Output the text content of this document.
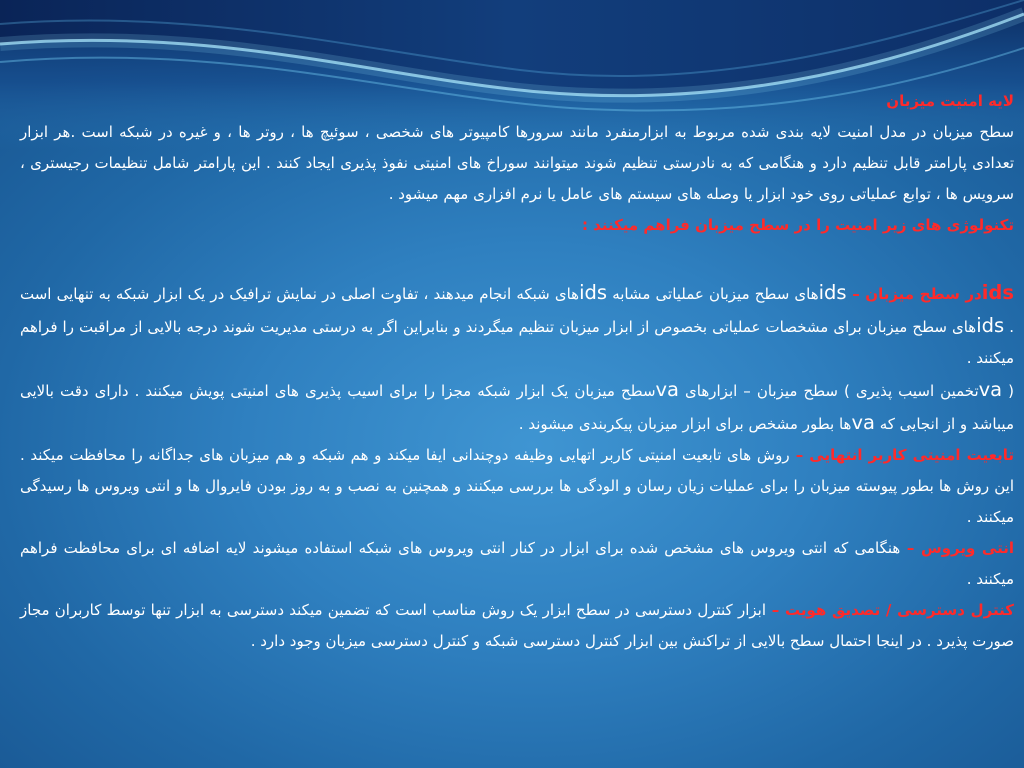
لایه امنیت میزبان

سطح میزبان در مدل امنیت لایه بندی شده مربوط به ابزارمنفرد مانند سرورها کامپیوتر های شخصی ، سوئیچ ها ، روتر ها ، و غیره در شبکه است .هر ابزار تعدادی پارامتر قابل تنظیم دارد و هنگامی که به نادرستی تنظیم شوند میتوانند سوراخ های امنیتی نفوذ پذیری ایجاد کنند . این پارامتر شامل تنظیمات رجیستری ، سرویس ها ، توابع عملیاتی روی خود ابزار یا وصله های سیستم های عامل یا نرم افزاری مهم میشود .

تکنولوژی های زیر امنیت را در سطح میزبان فراهم میکنند :

idsدر سطح میزبان – idsهای سطح میزبان عملیاتی مشابه idsهای شبکه انجام میدهند ، تفاوت اصلی در نمایش ترافیک در یک ابزار شبکه به تنهایی است . idsهای سطح میزبان برای مشخصات عملیاتی بخصوص از ابزار میزبان تنظیم میگردند و بنابراین اگر به درستی مدیریت شوند درجه بالایی از مراقبت را فراهم میکنند .

( vaتخمین اسیب پذیری ) سطح میزبان – ابزارهای vaسطح میزبان یک ابزار شبکه مجزا را برای اسیب پذیری های امنیتی پویش میکنند . دارای دقت بالایی میباشد و از انجایی که vaها بطور مشخص برای ابزار میزبان پیکربندی میشوند .

تابعیت امنیتی کاربر انتهایی – روش های تابعیت امنیتی کاربر اتهایی وظیفه دوچندانی ایفا میکند و هم شبکه و هم میزبان های جداگانه را محافظت میکند . این روش ها بطور پیوسته میزبان را برای عملیات زیان رسان و الودگی ها بررسی میکنند و همچنین به نصب و به روز بودن فایروال ها و انتی ویروس ها رسیدگی میکنند .

انتی ویروس – هنگامی که انتی ویروس های مشخص شده برای ابزار در کنار انتی ویروس های شبکه استفاده میشوند لایه اضافه ای برای محافظت فراهم میکنند .

کنترل دسترسی / تصدیق هویت – ابزار کنترل دسترسی در سطح ابزار یک روش مناسب است که تضمین میکند دسترسی به ابزار تنها توسط کاربران مجاز صورت پذیرد . در اینجا احتمال سطح بالایی از تراکنش بین ابزار کنترل دسترسی شبکه و کنترل دسترسی میزبان وجود دارد .
